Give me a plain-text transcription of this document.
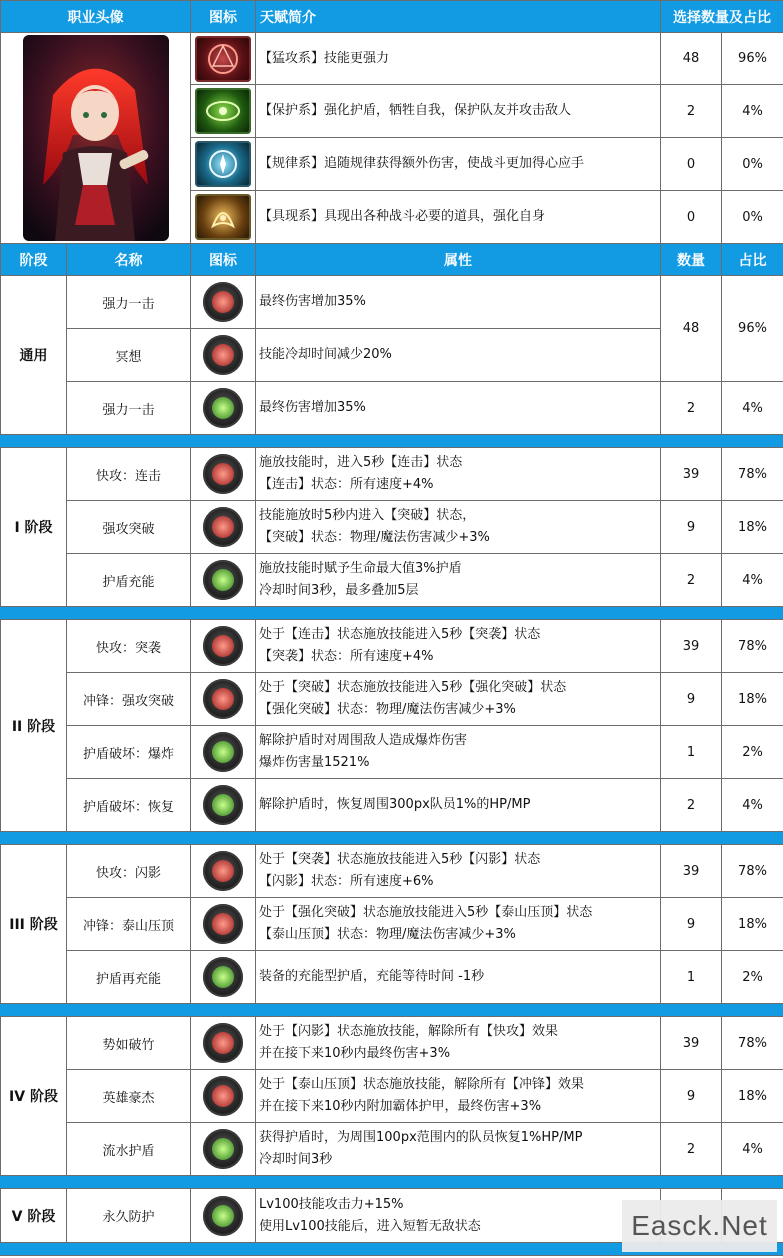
职业头像		图标	天赋简介	选择数量及占比	

	【猛攻系】技能更强力	48	96%

	【保护系】强化护盾，牺牲自我，保护队友并攻击敌人	2	4%

	【规律系】追随规律获得额外伤害，使战斗更加得心应手	0	0%

	【具现系】具现出各种战斗必要的道具，强化自身	0	0%
阶段	名称	图标	属性	数量	占比
通用	强力一击		最终伤害增加35%	48	96%
	冥想		技能冷却时间减少20%		
	强力一击		最终伤害增加35%	2	4%

I 阶段	快攻：连击		施放技能时，进入5秒【连击】状态
【连击】状态：所有速度+4%	39	78%
	强攻突破		技能施放时5秒内进入【突破】状态，
【突破】状态：物理/魔法伤害减少+3%	9	18%
	护盾充能		施放技能时赋予生命最大值3%护盾
冷却时间3秒，最多叠加5层	2	4%

II 阶段	快攻：突袭		处于【连击】状态施放技能进入5秒【突袭】状态
【突袭】状态：所有速度+4%	39	78%
	冲锋：强攻突破		处于【突破】状态施放技能进入5秒【强化突破】状态
【强化突破】状态：物理/魔法伤害减少+3%	9	18%
	护盾破坏：爆炸		解除护盾时对周围敌人造成爆炸伤害
爆炸伤害量1521%	1	2%
	护盾破坏：恢复		解除护盾时，恢复周围300px队员1%的HP/MP	2	4%

III 阶段	快攻：闪影		处于【突袭】状态施放技能进入5秒【闪影】状态
【闪影】状态：所有速度+6%	39	78%
	冲锋：泰山压顶		处于【强化突破】状态施放技能进入5秒【泰山压顶】状态
【泰山压顶】状态：物理/魔法伤害减少+3%	9	18%
	护盾再充能		装备的充能型护盾，充能等待时间 -1秒	1	2%

IV 阶段	势如破竹		处于【闪影】状态施放技能，解除所有【快攻】效果
并在接下来10秒内最终伤害+3%	39	78%
	英雄豪杰		处于【泰山压顶】状态施放技能，解除所有【冲锋】效果
并在接下来10秒内附加霸体护甲，最终伤害+3%	9	18%
	流水护盾		获得护盾时，为周围100px范围内的队员恢复1%HP/MP
冷却时间3秒	2	4%

V 阶段	永久防护		Lv100技能攻击力+15%
使用Lv100技能后，进入短暂无敌状态		
			Easck.Net
